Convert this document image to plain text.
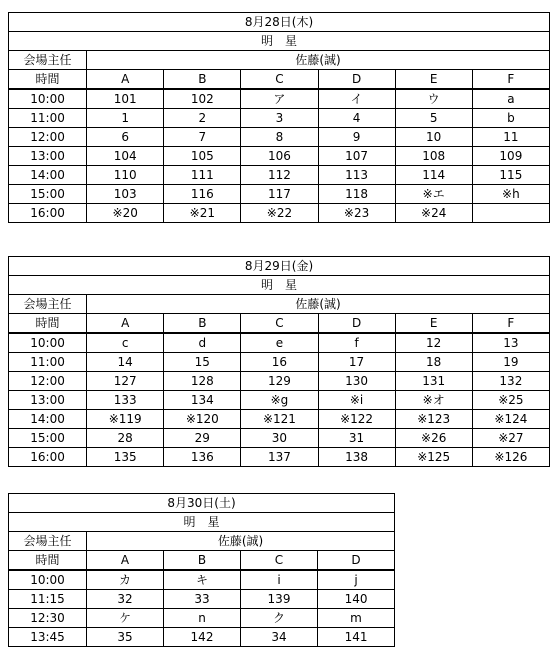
8月28日(木)						
明　星						
会場主任	佐藤(誠)					
時間	A	B	C	D	E	F
10:00	101	102	ア	イ	ウ	a
11:00	1	2	3	4	5	b
12:00	6	7	8	9	10	11
13:00	104	105	106	107	108	109
14:00	110	111	112	113	114	115
15:00	103	116	117	118	※エ	※h
16:00	※20	※21	※22	※23	※24	
8月29日(金)						
明　星						
会場主任	佐藤(誠)					
時間	A	B	C	D	E	F
10:00	c	d	e	f	12	13
11:00	14	15	16	17	18	19
12:00	127	128	129	130	131	132
13:00	133	134	※g	※i	※オ	※25
14:00	※119	※120	※121	※122	※123	※124
15:00	28	29	30	31	※26	※27
16:00	135	136	137	138	※125	※126
8月30日(土)				
明　星				
会場主任	佐藤(誠)			
時間	A	B	C	D
10:00	カ	キ	i	j
11:15	32	33	139	140
12:30	ケ	n	ク	m
13:45	35	142	34	141
